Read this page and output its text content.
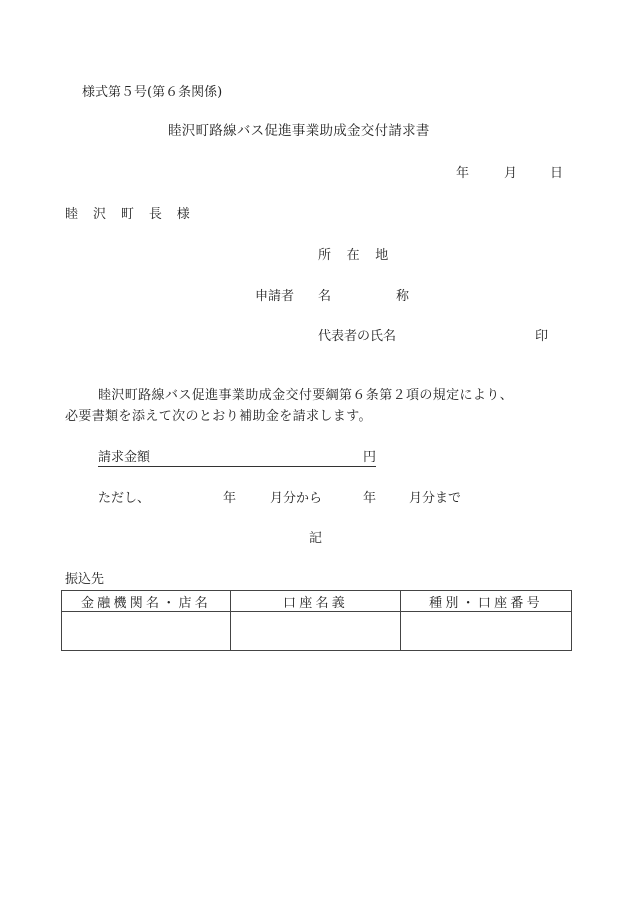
様式第５号(第６条関係)
睦沢町路線バス促進事業助成金交付請求書
年	月	日
睦沢町長様
所在地
申請者 名	称
代表者の氏名	印
睦沢町路線バス促進事業助成金交付要綱第６条第２項の規定により、
必要書類を添えて次のとおり補助金を請求します。
請求金額	円
ただし、	年	月分から	年	月分まで
記
振込先
金融機関名・店名	口座名義	種別・口座番号
